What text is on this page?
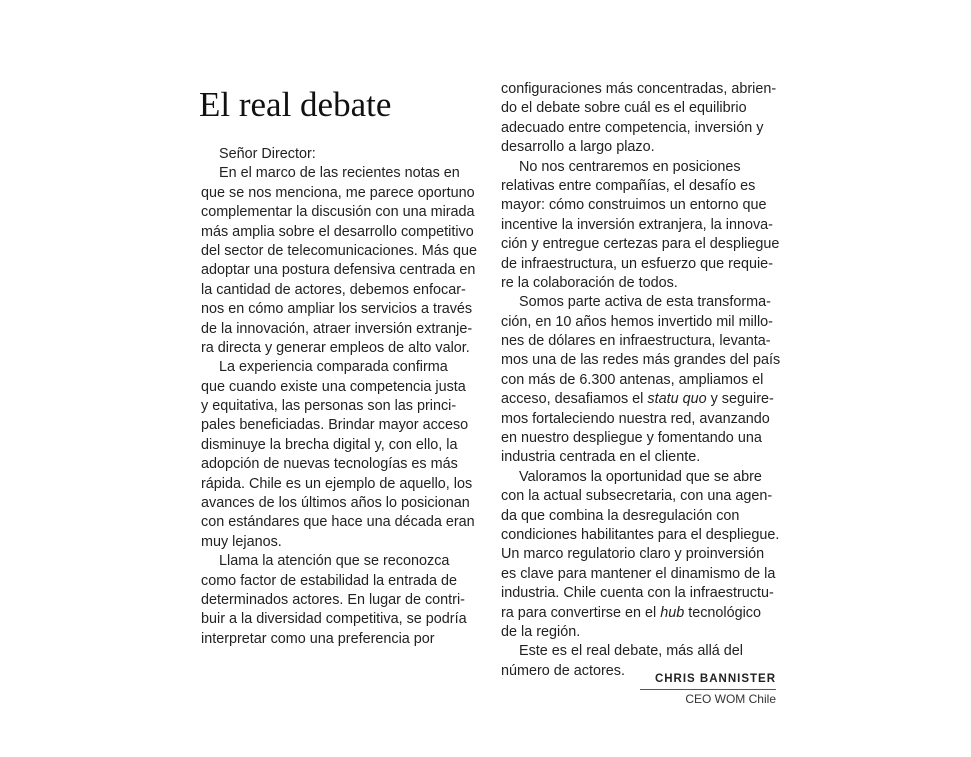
El real debate
Señor Director:
En el marco de las recientes notas en
que se nos menciona, me parece oportuno
complementar la discusión con una mirada
más amplia sobre el desarrollo competitivo
del sector de telecomunicaciones. Más que
adoptar una postura defensiva centrada en
la cantidad de actores, debemos enfocar-
nos en cómo ampliar los servicios a través
de la innovación, atraer inversión extranje-
ra directa y generar empleos de alto valor.
La experiencia comparada confirma
que cuando existe una competencia justa
y equitativa, las personas son las princi-
pales beneficiadas. Brindar mayor acceso
disminuye la brecha digital y, con ello, la
adopción de nuevas tecnologías es más
rápida. Chile es un ejemplo de aquello, los
avances de los últimos años lo posicionan
con estándares que hace una década eran
muy lejanos.
Llama la atención que se reconozca
como factor de estabilidad la entrada de
determinados actores. En lugar de contri-
buir a la diversidad competitiva, se podría
interpretar como una preferencia por
configuraciones más concentradas, abrien-
do el debate sobre cuál es el equilibrio
adecuado entre competencia, inversión y
desarrollo a largo plazo.
No nos centraremos en posiciones
relativas entre compañías, el desafío es
mayor: cómo construimos un entorno que
incentive la inversión extranjera, la innova-
ción y entregue certezas para el despliegue
de infraestructura, un esfuerzo que requie-
re la colaboración de todos.
Somos parte activa de esta transforma-
ción, en 10 años hemos invertido mil millo-
nes de dólares en infraestructura, levanta-
mos una de las redes más grandes del país
con más de 6.300 antenas, ampliamos el
acceso, desafiamos el statu quo y seguire-
mos fortaleciendo nuestra red, avanzando
en nuestro despliegue y fomentando una
industria centrada en el cliente.
Valoramos la oportunidad que se abre
con la actual subsecretaria, con una agen-
da que combina la desregulación con
condiciones habilitantes para el despliegue.
Un marco regulatorio claro y proinversión
es clave para mantener el dinamismo de la
industria. Chile cuenta con la infraestructu-
ra para convertirse en el hub tecnológico
de la región.
Este es el real debate, más allá del
número de actores.
CHRIS BANNISTER
CEO WOM Chile
